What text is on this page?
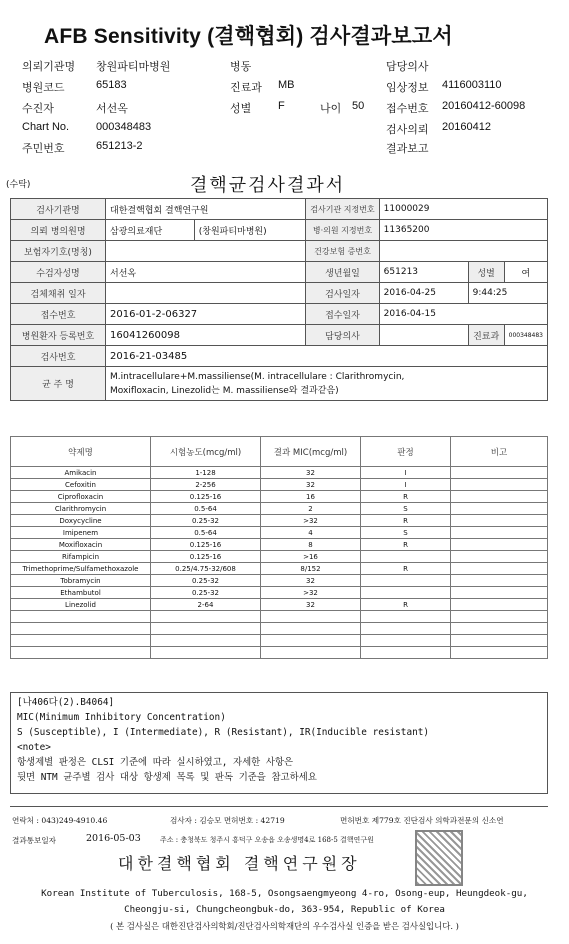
AFB Sensitivity (결핵협회) 검사결과보고서
의뢰기관명 창원파티마병원	병동	담당의사
병원코드	65183	진료과 MB	임상정보 4116003110
수진자	서선옥	성별 F	나이 50 접수번호 20160412-60098
Chart No. 000348483	검사의뢰 20160412
주민번호	651213-2	결과보고
(수탁)	결핵균검사결과서
검사기관명	대한결핵협회 결핵연구원		검사기관 지정번호	11000029		
의뢰 병의원명	삼광의료재단	(창원파티마병원)	병·의원 지정번호	11365200		
보험자기호(명칭)			건강보험 증번호			
수검자성명	서선옥		생년월일	651213	성별	여
검체채취 일자			검사일자	2016-04-25	9:44:25	
접수번호	2016-01-2-06327		접수일자	2016-04-15		
병원환자 등록번호	16041260098		담당의사		진료과	000348483
검사번호	2016-21-03485					
균 주 명	M.intracellulare+M.massiliense(M. intracellulare : Clarithromycin,
Moxifloxacin, Linezolid는 M. massiliense와 결과같음)					
약제명	시험농도(mcg/ml)	결과 MIC(mcg/ml)	판정	비고
Amikacin	1-128	32	I	
Cefoxitin	2-256	32	I	
Ciprofloxacin	0.125-16	16	R	
Clarithromycin	0.5-64	2	S	
Doxycycline	0.25-32	>32	R	
Imipenem	0.5-64	4	S	
Moxifloxacin	0.125-16	8	R	
Rifampicin	0.125-16	>16		
Trimethoprime/Sulfamethoxazole	0.25/4.75-32/608	8/152	R	
Tobramycin	0.25-32	32		
Ethambutol	0.25-32	>32		
Linezolid	2-64	32	R	

[나406다(2).B4064]
MIC(Minimum Inhibitory Concentration)
S (Susceptible), I (Intermediate), R (Resistant), IR(Inducible resistant)
<note>
항생제별 판정은 CLSI 기준에 따라 실시하였고, 자세한 사항은
뒷면 NTM 균주별 검사 대상 항생제 목록 및 판독 기준을 참고하세요
연락처 : 043)249-4910.46	검사자 : 김승모 면허번호 : 42719	면허번호 제779호 진단검사 의학과전문의 신소연
결과통보일자	2016-05-03	주소 : 충청북도 청주시 흥덕구 오송읍 오송생명4로 168-5 결핵연구원
대한결핵협회 결핵연구원장
Korean Institute of Tuberculosis, 168-5, Osongsaengmyeong 4-ro, Osong-eup, Heungdeok-gu,
Cheongju-si, Chungcheongbuk-do, 363-954, Republic of Korea
( 본 검사실은 대한진단검사의학회/진단검사의학재단의 우수검사실 인증을 받은 검사실입니다. )
